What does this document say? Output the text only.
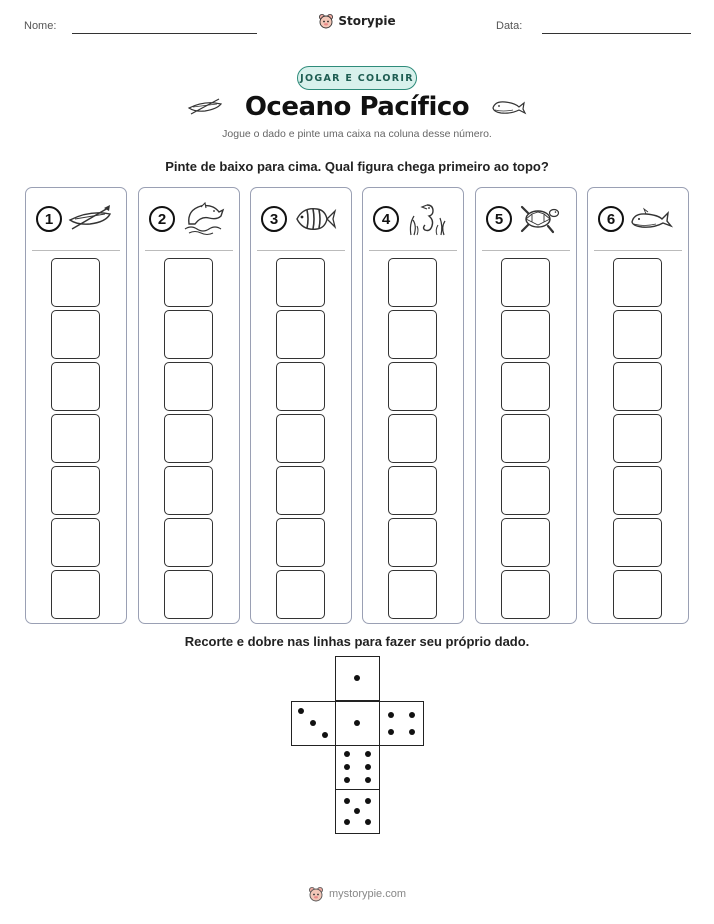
Nome:	Storypie	Data:
JOGAR E COLORIR
Oceano Pacífico
Jogue o dado e pinte uma caixa na coluna desse número.
Pinte de baixo para cima. Qual figura chega primeiro ao topo?
1	2	3	4	5	6
Recorte e dobre nas linhas para fazer seu próprio dado.
mystorypie.com
